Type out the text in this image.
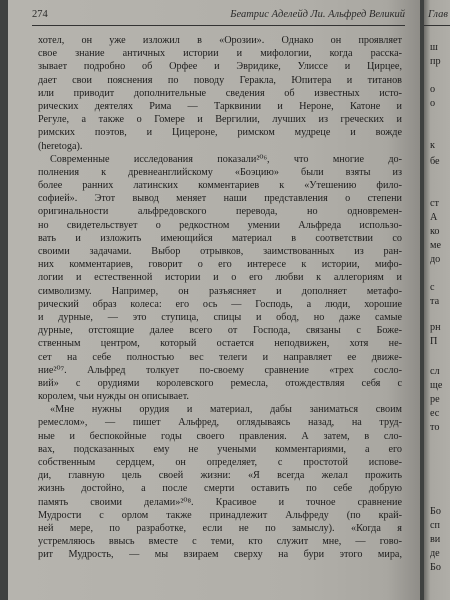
274	Беатрис Аделейд Ли. Альфред Великий
хотел, он уже изложил в «Орозии». Однако он проявляет
свое знание античных истории и мифологии, когда расска-
зывает подробно об Орфее и Эвридике, Улиссе и Цирцее,
дает свои пояснения по поводу Геракла, Юпитера и титанов
или приводит дополнительные сведения об известных исто-
рических деятелях Рима — Тарквинии и Нероне, Катоне и
Регуле, а также о Гомере и Вергилии, лучших из греческих и
римских поэтов, и Цицероне, римском мудреце и вожде
(heretoga).
Современные исследования показали²⁰⁶, что многие до-
полнения к древнеанглийскому «Боэцию» были взяты из
более ранних латинских комментариев к «Утешению фило-
софией». Этот вывод меняет наши представления о степени
оригинальности альфредовского перевода, но одновремен-
но свидетельствует о редкостном умении Альфреда использо-
вать и изложить имеющийся материал в соответствии со
своими задачами. Выбор отрывков, заимствованных из ран-
них комментариев, говорит о его интересе к истории, мифо-
логии и естественной истории и о его любви к аллегориям и
символизму. Например, он разъясняет и дополняет метафо-
рический образ колеса: его ось — Господь, а люди, хорошие
и дурные, — это ступица, спицы и обод, но даже самые
дурные, отстоящие далее всего от Господа, связаны с Боже-
ственным центром, который остается неподвижен, хотя не-
сет на себе полностью вес телеги и направляет ее движе-
ние²⁰⁷. Альфред толкует по-своему сравнение «трех сосло-
вий» с орудиями королевского ремесла, отождествляя себя с
королем, чьи нужды он описывает.
«Мне нужны орудия и материал, дабы заниматься своим
ремеслом», — пишет Альфред, оглядываясь назад, на труд-
ные и беспокойные годы своего правления. А затем, в сло-
вах, подсказанных ему не учеными комментариями, а его
собственным сердцем, он определяет, с простотой испове-
ди, главную цель своей жизни: «Я всегда желал прожить
жизнь достойно, а после смерти оставить по себе добрую
память своими делами»²⁰⁸. Красивое и точное сравнение
Мудрости с орлом также принадлежит Альфреду (по край-
ней мере, по разработке, если не по замыслу). «Когда я
устремляюсь ввысь вместе с теми, кто служит мне, — гово-
рит Мудрость, — мы взираем сверху на бури этого мира,
Глав
ш
пр
о
о
к
бе
ст
А
ко
ме
до
с
та
рн
П
сл
ще
ре
ес
то
Бо
сп
ви
де
Бо
